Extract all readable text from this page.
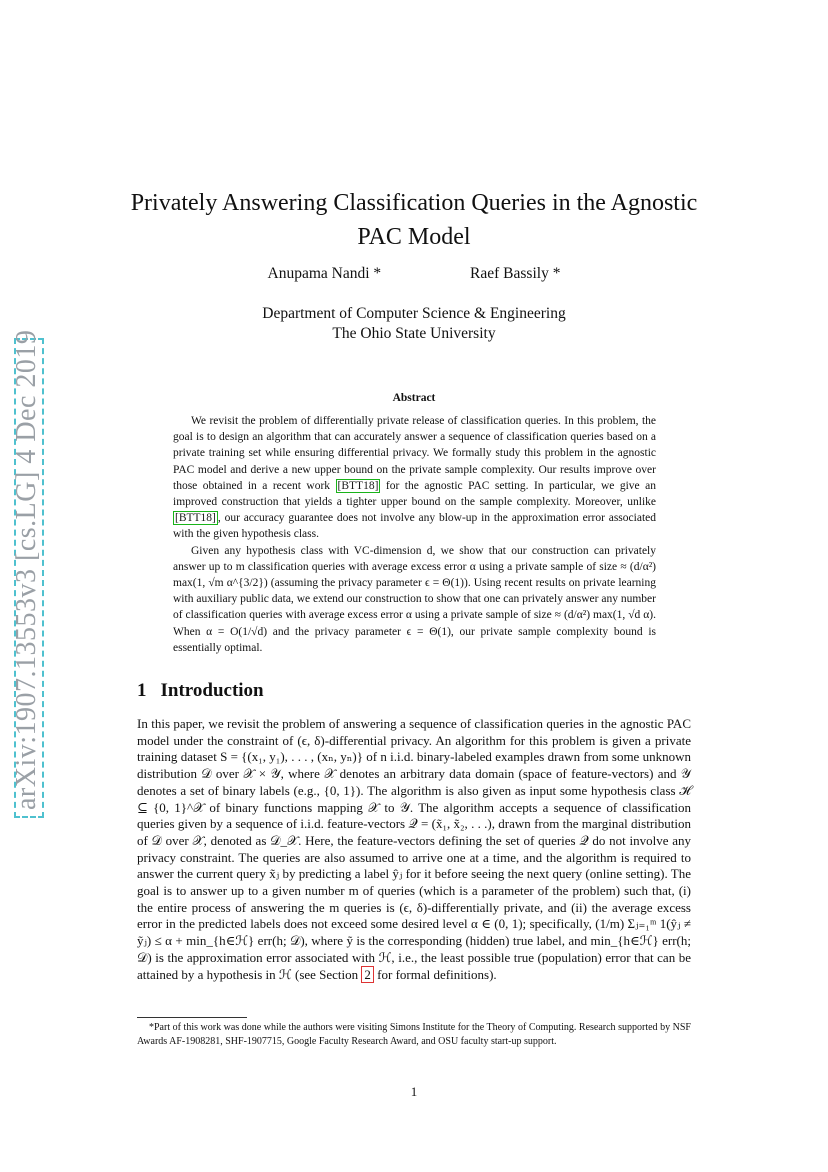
arXiv:1907.13553v3 [cs.LG] 4 Dec 2019
Privately Answering Classification Queries in the Agnostic PAC Model
Anupama Nandi *	Raef Bassily *
Department of Computer Science & Engineering
The Ohio State University
Abstract

We revisit the problem of differentially private release of classification queries. In this problem, the goal is to design an algorithm that can accurately answer a sequence of classification queries based on a private training set while ensuring differential privacy. We formally study this problem in the agnostic PAC model and derive a new upper bound on the private sample complexity. Our results improve over those obtained in a recent work [BTT18] for the agnostic PAC setting. In particular, we give an improved construction that yields a tighter upper bound on the sample complexity. Moreover, unlike [BTT18] , our accuracy guarantee does not involve any blow-up in the approximation error associated with the given hypothesis class.

Given any hypothesis class with VC-dimension d, we show that our construction can privately answer up to m classification queries with average excess error α using a private sample of size ≈ (d/α²) max(1, √m α^{3/2}) (assuming the privacy parameter ϵ = Θ(1)). Using recent results on private learning with auxiliary public data, we extend our construction to show that one can privately answer any number of classification queries with average excess error α using a private sample of size ≈ (d/α²) max(1, √d α). When α = O(1/√d) and the privacy parameter ϵ = Θ(1), our private sample complexity bound is essentially optimal.

1 Introduction

In this paper, we revisit the problem of answering a sequence of classification queries in the agnostic PAC model under the constraint of (ϵ, δ)-differential privacy. An algorithm for this problem is given a private training dataset S = {(x₁, y₁), . . . , (xₙ, yₙ)} of n i.i.d. binary-labeled examples drawn from some unknown distribution 𝒟 over 𝒳 × 𝒴, where 𝒳 denotes an arbitrary data domain (space of feature-vectors) and 𝒴 denotes a set of binary labels (e.g., {0, 1}). The algorithm is also given as input some hypothesis class ℋ ⊆ {0, 1}^𝒳 of binary functions mapping 𝒳 to 𝒴. The algorithm accepts a sequence of classification queries given by a sequence of i.i.d. feature-vectors 𝒬 = (x̃₁, x̃₂, . . .), drawn from the marginal distribution of 𝒟 over 𝒳, denoted as 𝒟_𝒳. Here, the feature-vectors defining the set of queries 𝒬 do not involve any privacy constraint. The queries are also assumed to arrive one at a time, and the algorithm is required to answer the current query x̃ⱼ by predicting a label ŷⱼ for it before seeing the next query (online setting). The goal is to answer up to a given number m of queries (which is a parameter of the problem) such that, (i) the entire process of answering the m queries is (ϵ, δ)-differentially private, and (ii) the average excess error in the predicted labels does not exceed some desired level α ∈ (0, 1); specifically, (1/m) Σⱼ₌₁ᵐ 1(ŷⱼ ≠ ỹⱼ) ≤ α + min_{h∈ℋ} err(h; 𝒟), where ỹ is the corresponding (hidden) true label, and min_{h∈ℋ} err(h; 𝒟) is the approximation error associated with ℋ, i.e., the least possible true (population) error that can be attained by a hypothesis in ℋ (see Section 2 for formal definitions).

*Part of this work was done while the authors were visiting Simons Institute for the Theory of Computing. Research supported by NSF Awards AF-1908281, SHF-1907715, Google Faculty Research Award, and OSU faculty start-up support.

1
